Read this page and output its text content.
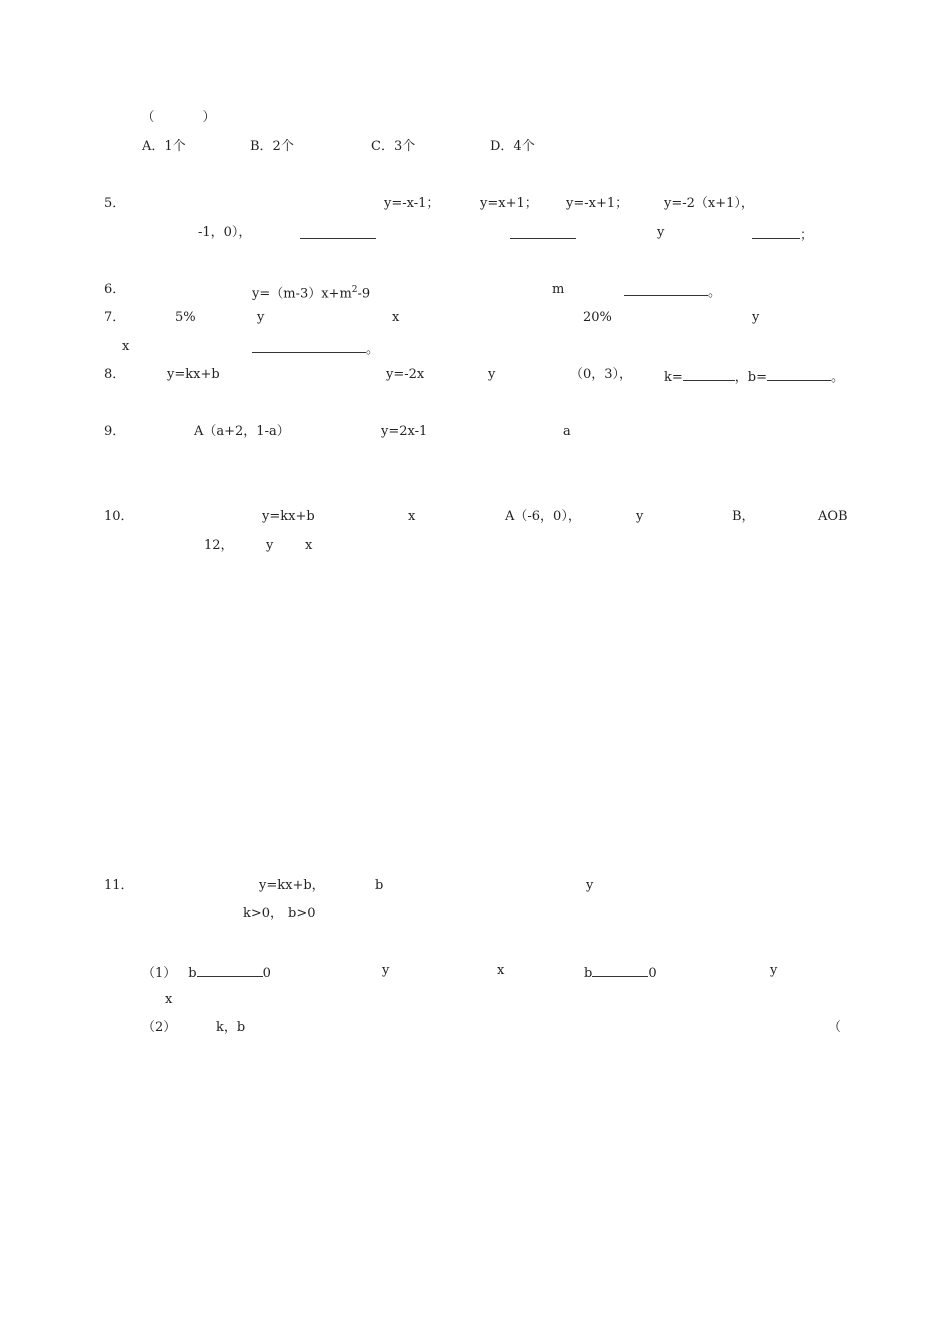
　　（	）
A．1个	B．2个	C．3个	D．4个

5．　　　　　　　　	y=-x-1；　	y=x+1；　 y=-x+1；　 y=-2（x+1），

-1，0），

　　	y　　　	；　　

6．　　　　	$y=(m-3)x+m^2-9$　　　　	m　　	。
7．　　 5%　　	y　　　　	x　　　　　　	20%　　　　	y　　　
x　　　　	。
8．　	y=kx+b　　　　	y=-2x　　	y　　　	（0，3）， k=	，b=	。

9．　　	A（a+2，1-a）　　	y=2x-1　　　　	a　　
10．　　　	y=kx+b　　　	x　　　	A（-6，0），	y　　　	B，
　	AOB

12， y x　　　　　　　　　　　　　　

11．　　　	y=kx+b，	b　　　　　　	y　　　　　

k>0， b>0　　　　　　　　　　　

（1） b	0　　　	y　　　	x　　　	b	0　　　	y　　

x　　　
（2）	k，b　　　　　　　　　　　　　　　　　　	（
